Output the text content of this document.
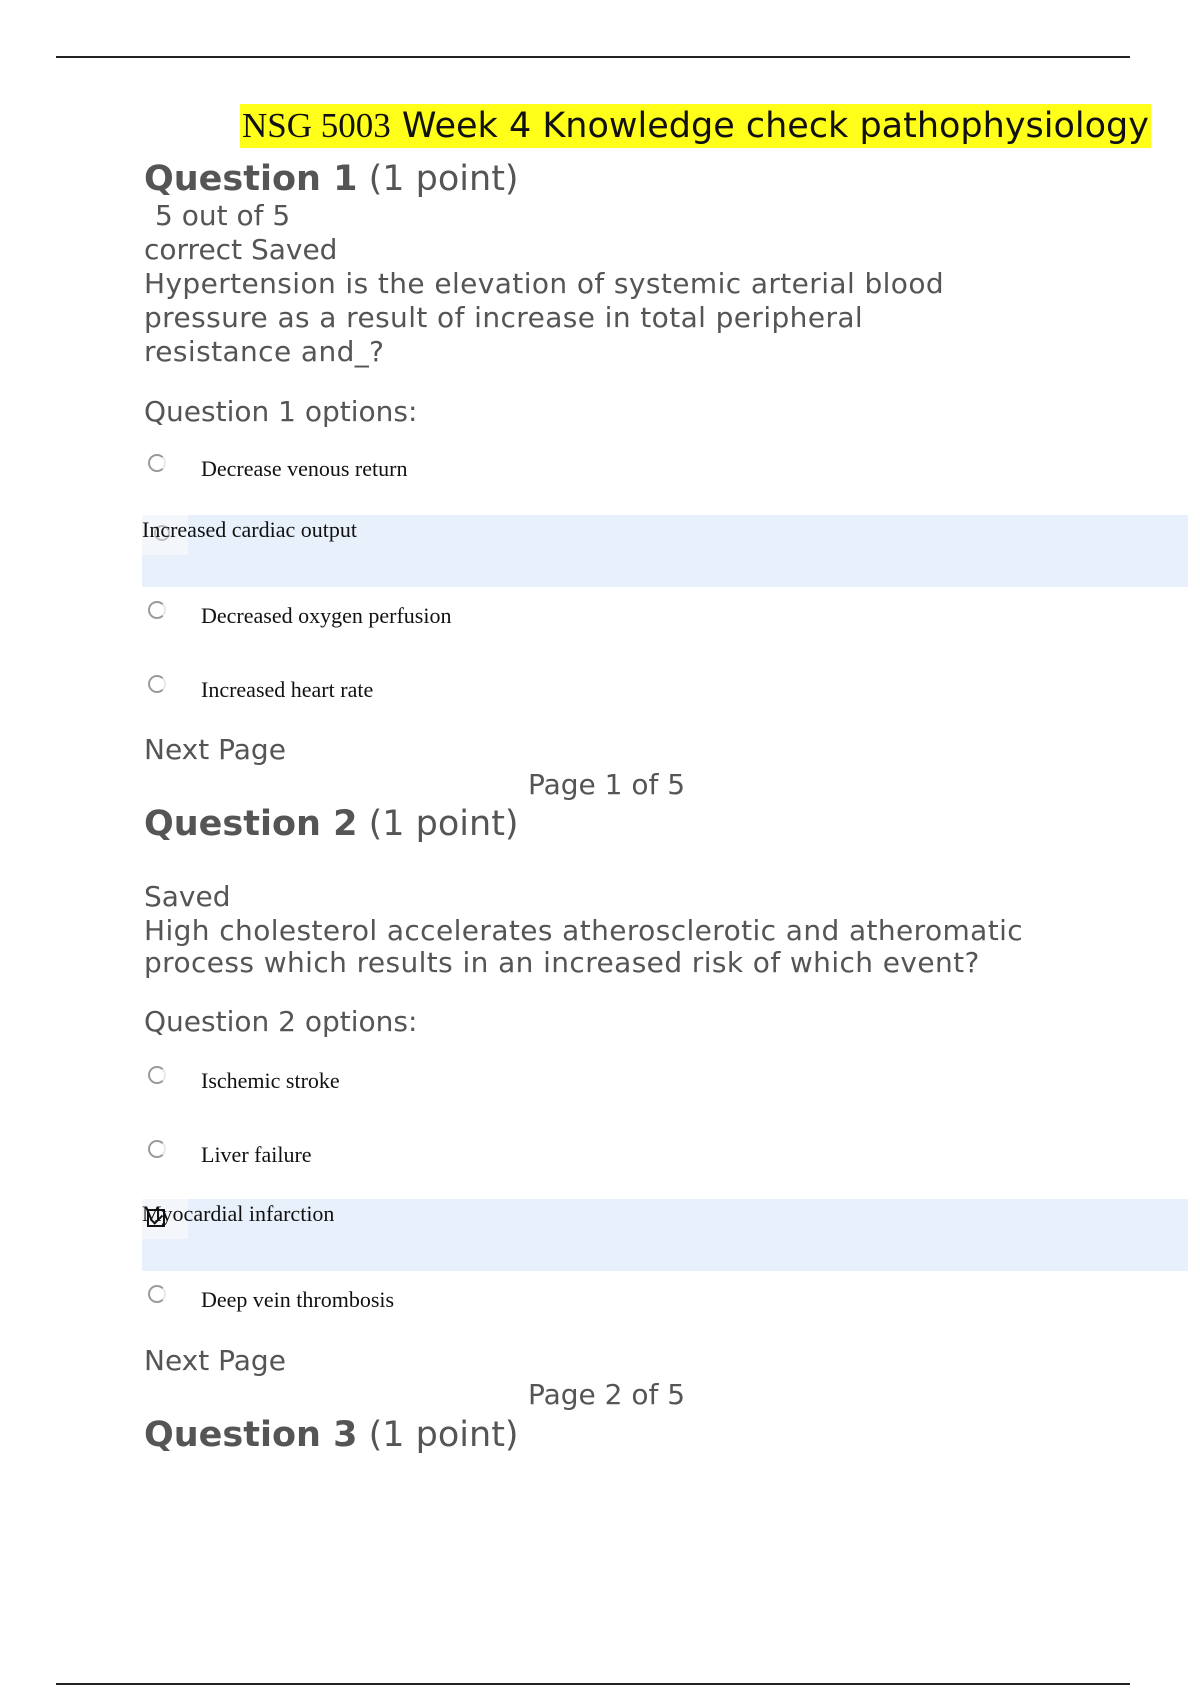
NSG 5003 Week 4 Knowledge check pathophysiology
Question 1 (1 point)
5 out of 5
correct Saved
Hypertension is the elevation of systemic arterial blood
pressure as a result of increase in total peripheral
resistance and_?
Question 1 options:
Decrease venous return
Increased cardiac output
Decreased oxygen perfusion
Increased heart rate
Next Page
Page 1 of 5
Question 2 (1 point)
Saved
High cholesterol accelerates atherosclerotic and atheromatic
process which results in an increased risk of which event?
Question 2 options:
Ischemic stroke
Liver failure
Myocardial infarction
Deep vein thrombosis
Next Page
Page 2 of 5
Question 3 (1 point)
